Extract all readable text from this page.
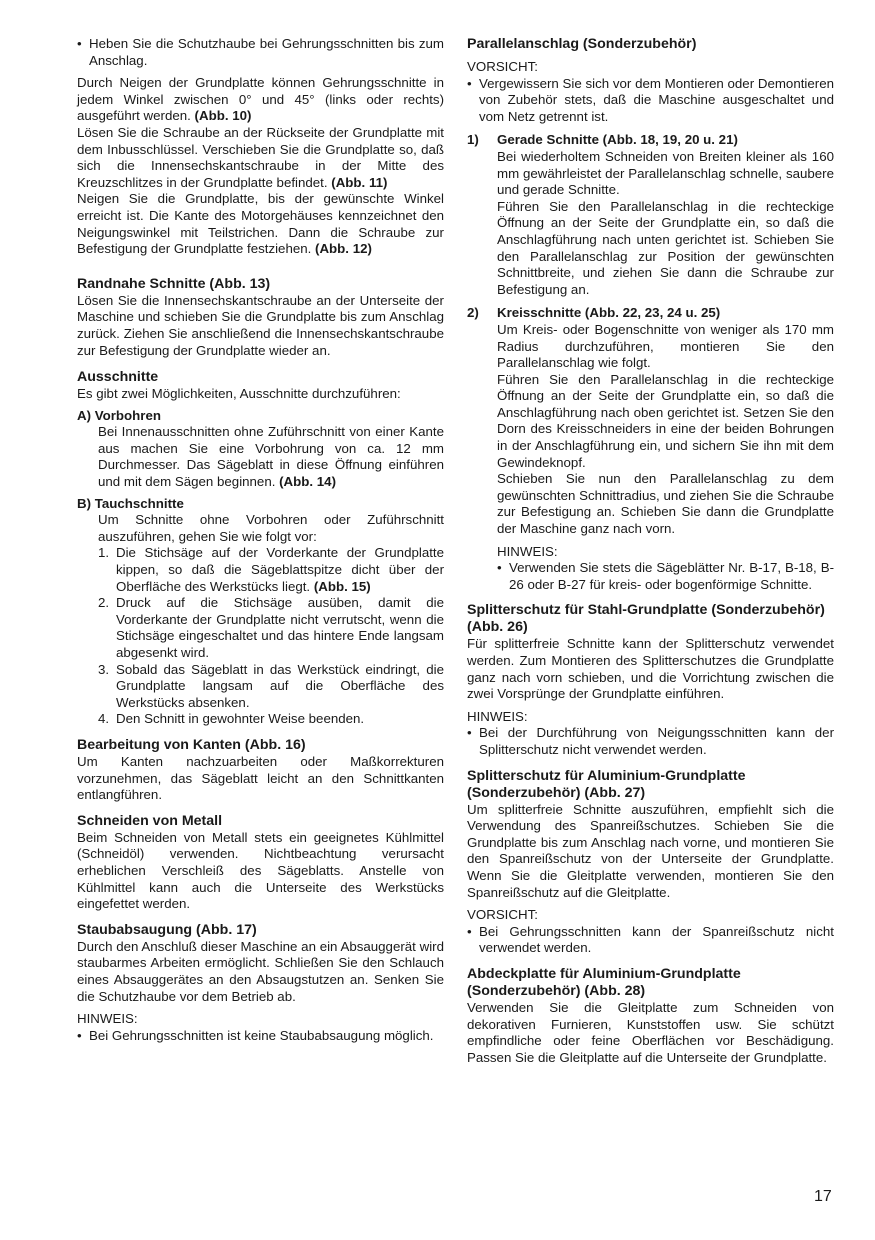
• Heben Sie die Schutzhaube bei Gehrungsschnitten bis zum Anschlag.

Durch Neigen der Grundplatte können Gehrungsschnitte in jedem Winkel zwischen 0° und 45° (links oder rechts) ausgeführt werden. (Abb. 10)

Lösen Sie die Schraube an der Rückseite der Grundplatte mit dem Inbusschlüssel. Verschieben Sie die Grundplatte so, daß sich die Innensechskantschraube in der Mitte des Kreuzschlitzes in der Grundplatte befindet. (Abb. 11)

Neigen Sie die Grundplatte, bis der gewünschte Winkel erreicht ist. Die Kante des Motorgehäuses kennzeichnet den Neigungswinkel mit Teilstrichen. Dann die Schraube zur Befestigung der Grundplatte festziehen. (Abb. 12)

Randnahe Schnitte (Abb. 13)

Lösen Sie die Innensechskantschraube an der Unterseite der Maschine und schieben Sie die Grundplatte bis zum Anschlag zurück. Ziehen Sie anschließend die Innensechskantschraube zur Befestigung der Grundplatte wieder an.

Ausschnitte

Es gibt zwei Möglichkeiten, Ausschnitte durchzuführen:

A) Vorbohren

Bei Innenausschnitten ohne Zuführschnitt von einer Kante aus machen Sie eine Vorbohrung von ca. 12 mm Durchmesser. Das Sägeblatt in diese Öffnung einführen und mit dem Sägen beginnen. (Abb. 14)

B) Tauchschnitte

Um Schnitte ohne Vorbohren oder Zuführschnitt auszuführen, gehen Sie wie folgt vor:

1. Die Stichsäge auf der Vorderkante der Grundplatte kippen, so daß die Sägeblattspitze dicht über der Oberfläche des Werkstücks liegt. (Abb. 15)
2. Druck auf die Stichsäge ausüben, damit die Vorderkante der Grundplatte nicht verrutscht, wenn die Stichsäge eingeschaltet und das hintere Ende langsam abgesenkt wird.
3. Sobald das Sägeblatt in das Werkstück eindringt, die Grundplatte langsam auf die Oberfläche des Werkstücks absenken.
4. Den Schnitt in gewohnter Weise beenden.
Bearbeitung von Kanten (Abb. 16)

Um Kanten nachzuarbeiten oder Maßkorrekturen vorzunehmen, das Sägeblatt leicht an den Schnittkanten entlangführen.

Schneiden von Metall

Beim Schneiden von Metall stets ein geeignetes Kühlmittel (Schneidöl) verwenden. Nichtbeachtung verursacht erheblichen Verschleiß des Sägeblatts. Anstelle von Kühlmittel kann auch die Unterseite des Werkstücks eingefettet werden.

Staubabsaugung (Abb. 17)

Durch den Anschluß dieser Maschine an ein Absauggerät wird staubarmes Arbeiten ermöglicht. Schließen Sie den Schlauch eines Absauggerätes an den Absaugstutzen an. Senken Sie die Schutzhaube vor dem Betrieb ab.

HINWEIS:

• Bei Gehrungsschnitten ist keine Staubabsaugung möglich.
Parallelanschlag (Sonderzubehör)

VORSICHT:

• Vergewissern Sie sich vor dem Montieren oder Demontieren von Zubehör stets, daß die Maschine ausgeschaltet und vom Netz getrennt ist.
1)	Gerade Schnitte (Abb. 18, 19, 20 u. 21)

Bei wiederholtem Schneiden von Breiten kleiner als 160 mm gewährleistet der Parallelanschlag schnelle, saubere und gerade Schnitte.

Führen Sie den Parallelanschlag in die rechteckige Öffnung an der Seite der Grundplatte ein, so daß die Anschlagführung nach unten gerichtet ist. Schieben Sie den Parallelanschlag zur Position der gewünschten Schnittbreite, und ziehen Sie dann die Schraube zur Befestigung an.

2)	Kreisschnitte (Abb. 22, 23, 24 u. 25)

Um Kreis- oder Bogenschnitte von weniger als 170 mm Radius durchzuführen, montieren Sie den Parallelanschlag wie folgt.

Führen Sie den Parallelanschlag in die rechteckige Öffnung an der Seite der Grundplatte ein, so daß die Anschlagführung nach oben gerichtet ist. Setzen Sie den Dorn des Kreisschneiders in eine der beiden Bohrungen in der Anschlagführung ein, und sichern Sie ihn mit dem Gewindeknopf.

Schieben Sie nun den Parallelanschlag zu dem gewünschten Schnittradius, und ziehen Sie die Schraube zur Befestigung an. Schieben Sie dann die Grundplatte der Maschine ganz nach vorn.

HINWEIS:

• Verwenden Sie stets die Sägeblätter Nr. B-17, B-18, B-26 oder B-27 für kreis- oder bogenförmige Schnitte.
Splitterschutz für Stahl-Grundplatte (Sonderzubehör) (Abb. 26)

Für splitterfreie Schnitte kann der Splitterschutz verwendet werden. Zum Montieren des Splitterschutzes die Grundplatte ganz nach vorn schieben, und die Vorrichtung zwischen die zwei Vorsprünge der Grundplatte einführen.

HINWEIS:

• Bei der Durchführung von Neigungsschnitten kann der Splitterschutz nicht verwendet werden.
Splitterschutz für Aluminium-Grundplatte (Sonderzubehör) (Abb. 27)

Um splitterfreie Schnitte auszuführen, empfiehlt sich die Verwendung des Spanreißschutzes. Schieben Sie die Grundplatte bis zum Anschlag nach vorne, und montieren Sie den Spanreißschutz von der Unterseite der Grundplatte. Wenn Sie die Gleitplatte verwenden, montieren Sie den Spanreißschutz auf die Gleitplatte.

VORSICHT:

• Bei Gehrungsschnitten kann der Spanreißschutz nicht verwendet werden.
Abdeckplatte für Aluminium-Grundplatte (Sonderzubehör) (Abb. 28)

Verwenden Sie die Gleitplatte zum Schneiden von dekorativen Furnieren, Kunststoffen usw. Sie schützt empfindliche oder feine Oberflächen vor Beschädigung. Passen Sie die Gleitplatte auf die Unterseite der Grundplatte.

17
